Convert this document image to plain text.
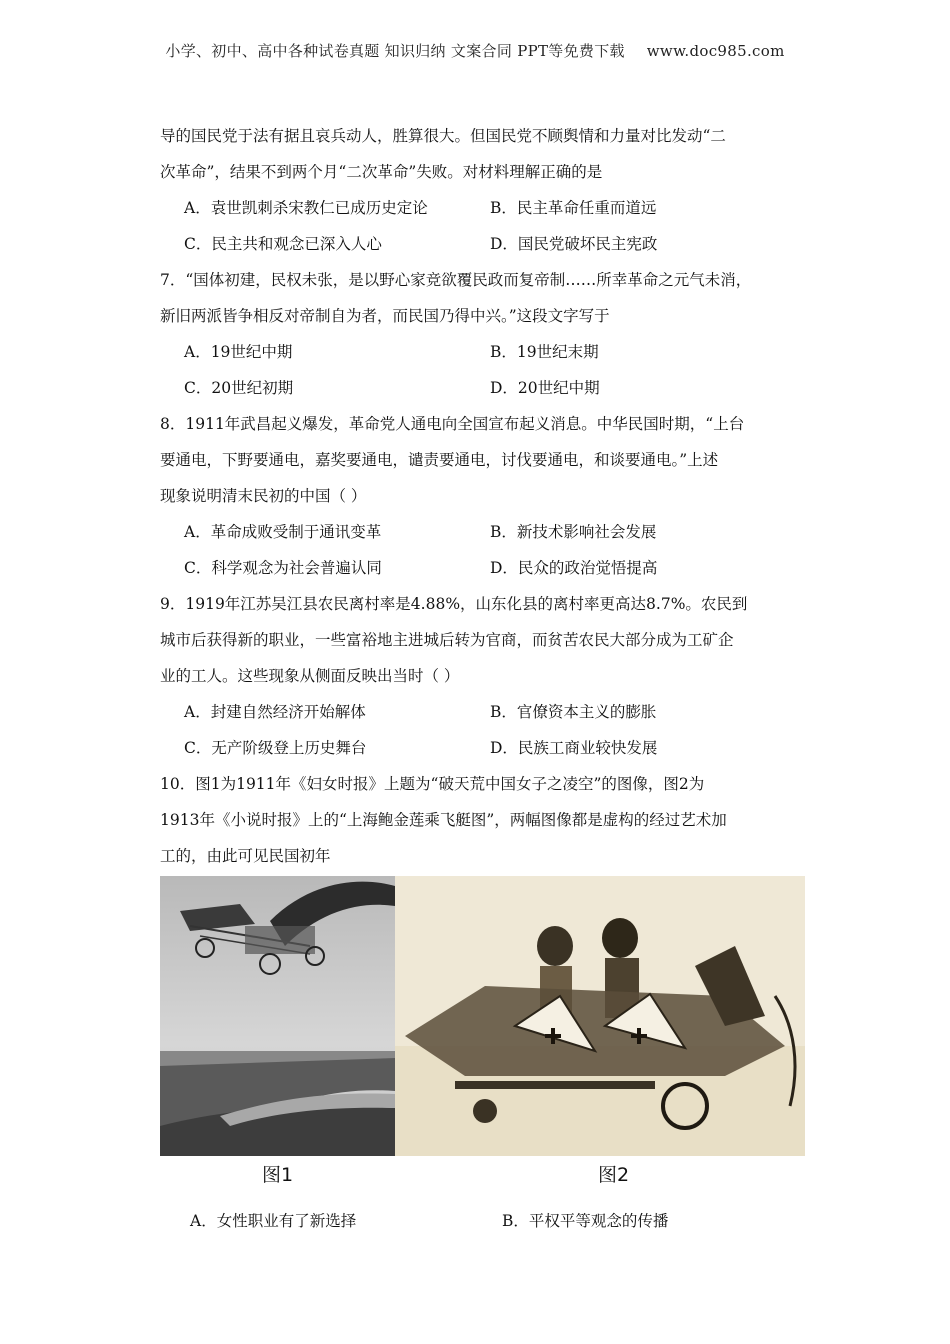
小学、初中、高中各种试卷真题 知识归纳 文案合同 PPT等免费下载 www.doc985.com
导的国民党于法有据且哀兵动人，胜算很大。但国民党不顾舆情和力量对比发动“二
次革命”，结果不到两个月“二次革命”失败。对材料理解正确的是
A．袁世凯刺杀宋教仁已成历史定论	B．民主革命任重而道远
C．民主共和观念已深入人心	D．国民党破坏民主宪政
7．“国体初建，民权未张，是以野心家竞欲覆民政而复帝制……所幸革命之元气未消，
新旧两派皆争相反对帝制自为者，而民国乃得中兴。”这段文字写于
A．19世纪中期	B．19世纪末期
C．20世纪初期	D．20世纪中期
8．1911年武昌起义爆发，革命党人通电向全国宣布起义消息。中华民国时期，“上台
要通电，下野要通电，嘉奖要通电，谴责要通电，讨伐要通电，和谈要通电。”上述
现象说明清末民初的中国（ ）
A．革命成败受制于通讯变革	B．新技术影响社会发展
C．科学观念为社会普遍认同	D．民众的政治觉悟提高
9．1919年江苏吴江县农民离村率是4.88%，山东化县的离村率更高达8.7%。农民到
城市后获得新的职业，一些富裕地主进城后转为官商，而贫苦农民大部分成为工矿企
业的工人。这些现象从侧面反映出当时（ ）
A．封建自然经济开始解体	B．官僚资本主义的膨胀
C．无产阶级登上历史舞台	D．民族工商业较快发展
10．图1为1911年《妇女时报》上题为“破天荒中国女子之凌空”的图像，图2为
1913年《小说时报》上的“上海鲍金莲乘飞艇图”，两幅图像都是虚构的经过艺术加
工的，由此可见民国初年
图1	图2
A．女性职业有了新选择	B．平权平等观念的传播
